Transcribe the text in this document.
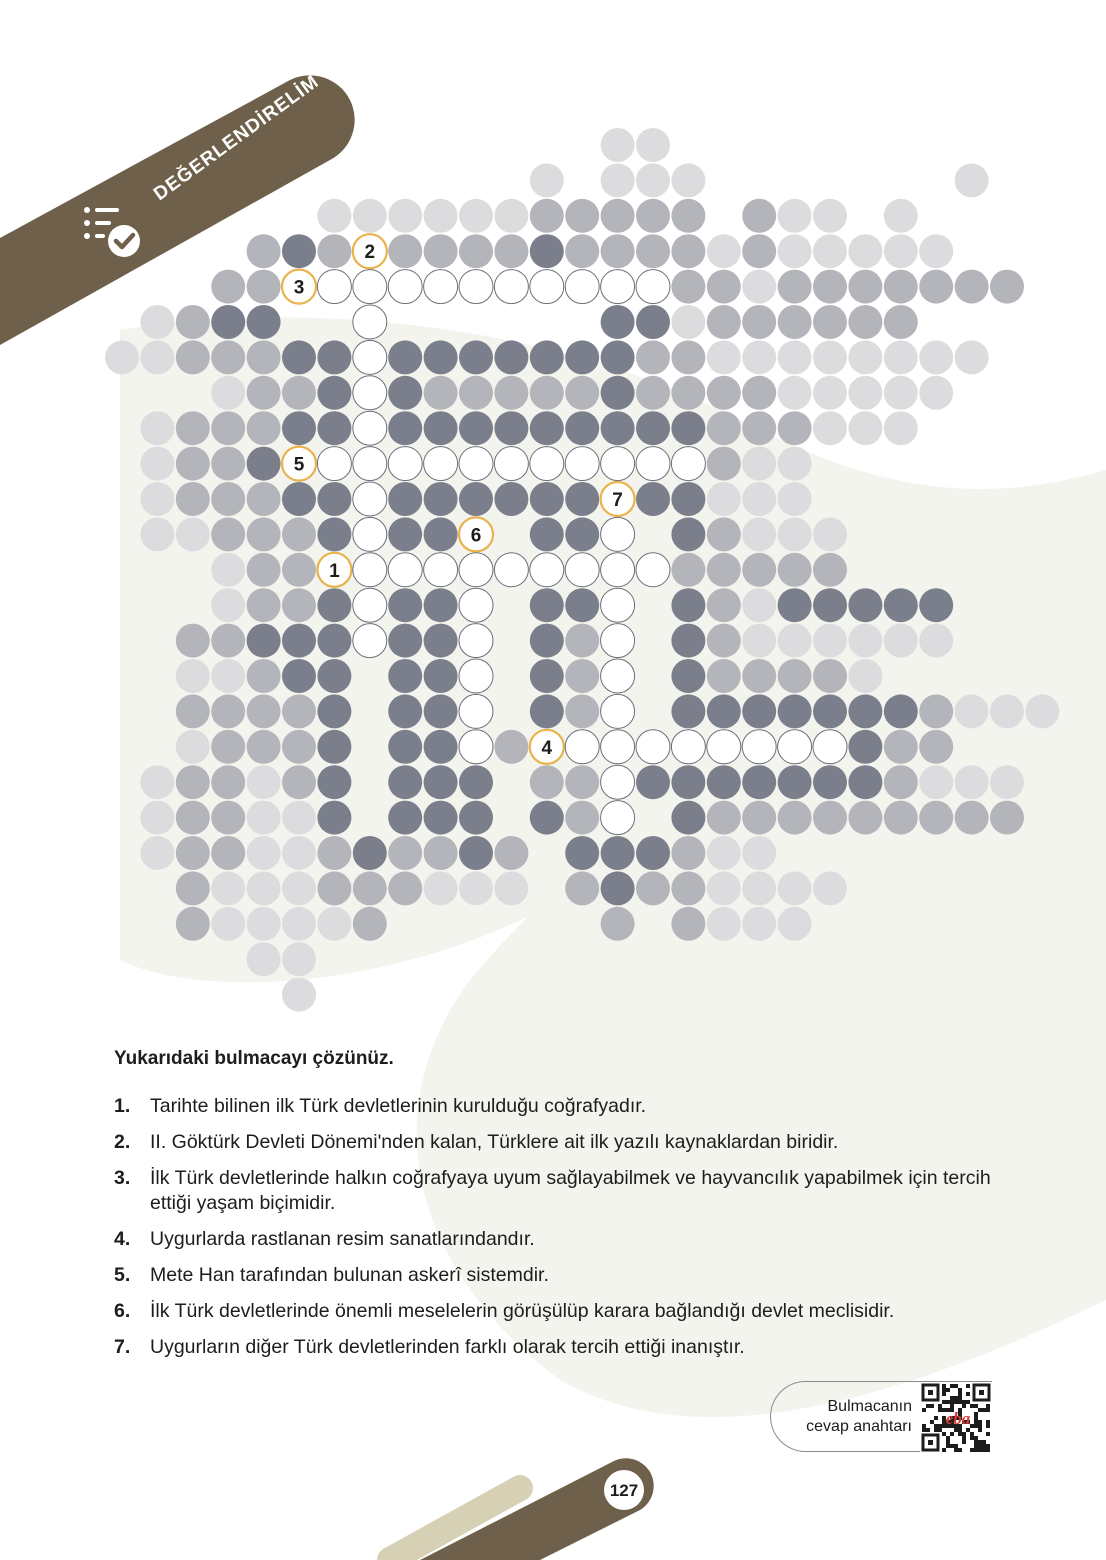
DEĞERLENDİRELİM
1
2
3
4
5
6
7
Yukarıdaki bulmacayı çözünüz.
1.	Tarihte bilinen ilk Türk devletlerinin kurulduğu coğrafyadır.
2.	II. Göktürk Devleti Dönemi'nden kalan, Türklere ait ilk yazılı kaynaklardan biridir.
3.	İlk Türk devletlerinde halkın coğrafyaya uyum sağlayabilmek ve hayvancılık yapabilmek için tercih ettiği yaşam biçimidir.
4.	Uygurlarda rastlanan resim sanatlarındandır.
5.	Mete Han tarafından bulunan askerî sistemdir.
6.	İlk Türk devletlerinde önemli meselelerin görüşülüp karara bağlandığı devlet meclisidir.
7.	Uygurların diğer Türk devletlerinden farklı olarak tercih ettiği inanıştır.
Bulmacanın
cevap anahtarı eba
127
